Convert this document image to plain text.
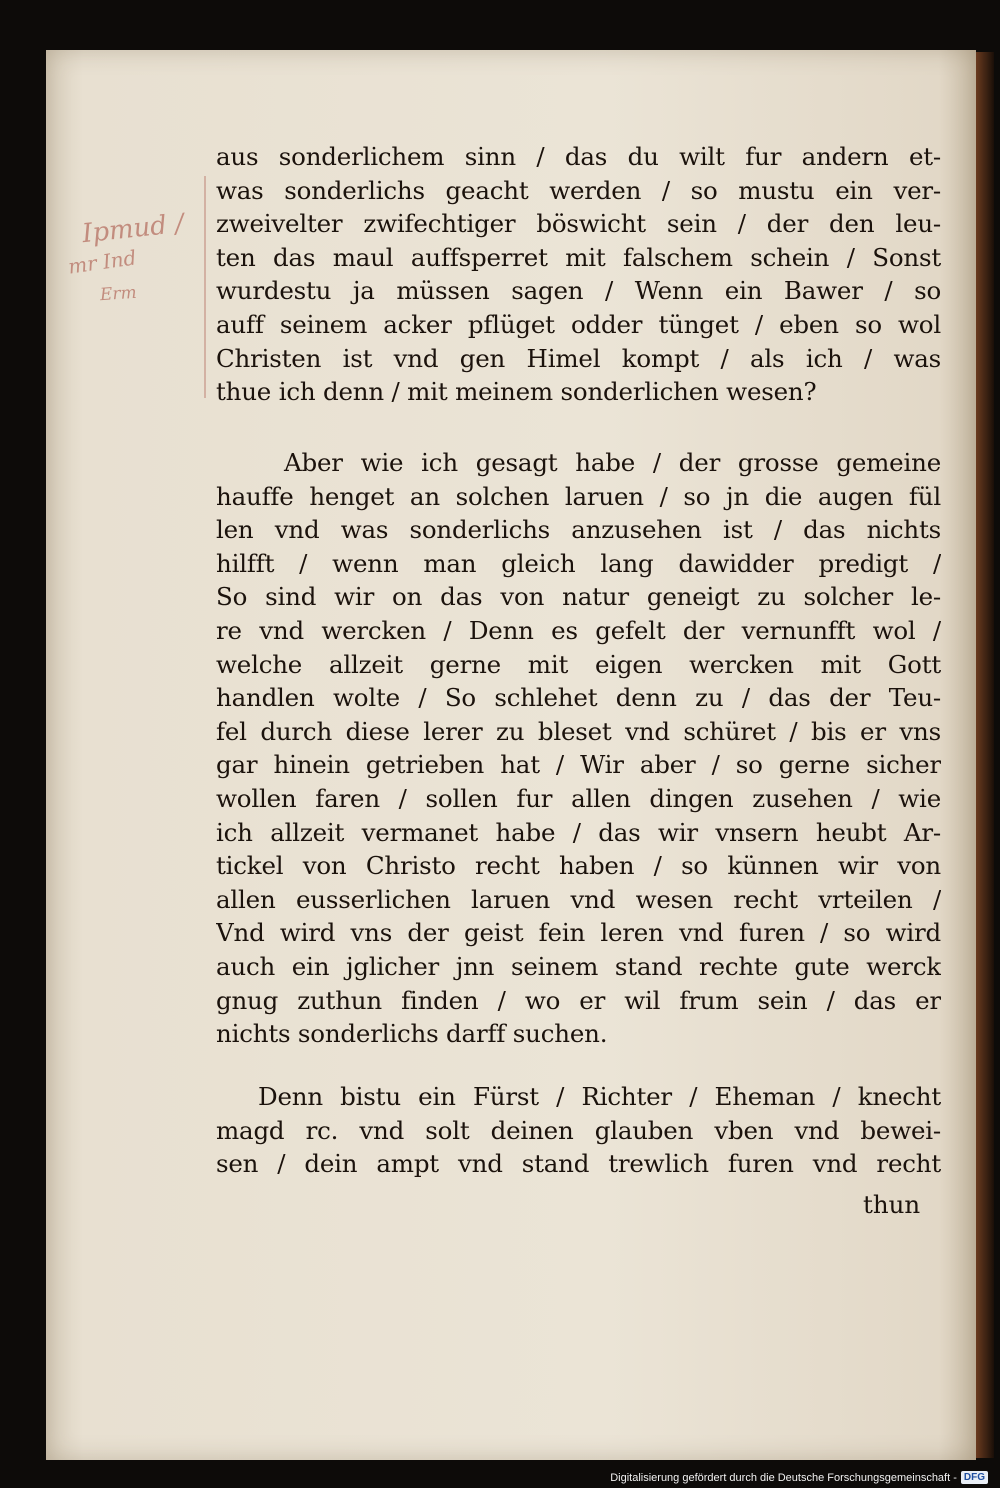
Ipmud /
mr Ind
Erm
aus sonderlichem sinn / das du wilt fur andern et-
was sonderlichs geacht werden / so mustu ein ver-
zweivelter zwifechtiger böswicht sein / der den leu-
ten das maul auffsperret mit falschem schein / Sonst
wurdestu ja müssen sagen / Wenn ein Bawer / so
auff seinem acker pflüget odder tünget / eben so wol
Christen ist vnd gen Himel kompt / als ich / was
thue ich denn / mit meinem sonderlichen wesen?
Aber wie ich gesagt habe / der grosse gemeine
hauffe henget an solchen laruen / so jn die augen fül
len vnd was sonderlichs anzusehen ist / das nichts
hilfft / wenn man gleich lang dawidder predigt /
So sind wir on das von natur geneigt zu solcher le-
re vnd wercken / Denn es gefelt der vernunfft wol /
welche allzeit gerne mit eigen wercken mit Gott
handlen wolte / So schlehet denn zu / das der Teu-
fel durch diese lerer zu bleset vnd schüret / bis er vns
gar hinein getrieben hat / Wir aber / so gerne sicher
wollen faren / sollen fur allen dingen zusehen / wie
ich allzeit vermanet habe / das wir vnsern heubt Ar-
tickel von Christo recht haben / so künnen wir von
allen eusserlichen laruen vnd wesen recht vrteilen /
Vnd wird vns der geist fein leren vnd furen / so wird
auch ein jglicher jnn seinem stand rechte gute werck
gnug zuthun finden / wo er wil frum sein / das er
nichts sonderlichs darff suchen.
Denn bistu ein Fürst / Richter / Eheman / knecht
magd rc. vnd solt deinen glauben vben vnd bewei-
sen / dein ampt vnd stand trewlich furen vnd recht
thun
Digitalisierung gefördert durch die Deutsche Forschungsgemeinschaft - DFG
